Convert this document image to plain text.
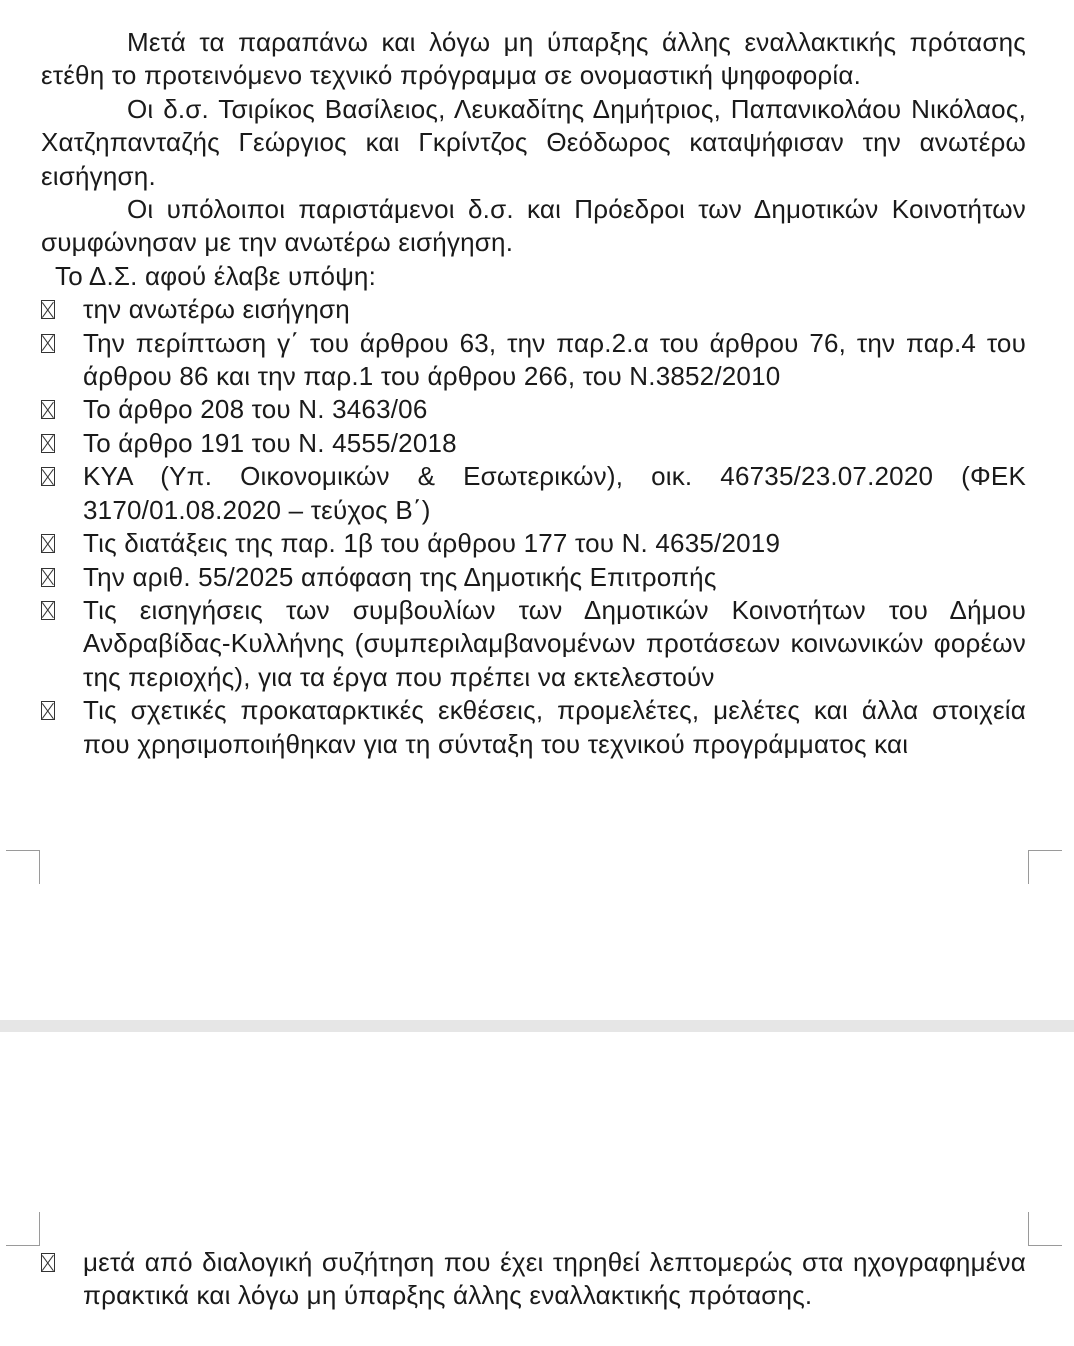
Μετά τα παραπάνω και λόγω μη ύπαρξης άλλης εναλλακτικής πρότασης ετέθη το προτεινόμενο τεχνικό πρόγραμμα σε ονομαστική ψηφοφορία.

Οι δ.σ. Τσιρίκος Βασίλειος, Λευκαδίτης Δημήτριος, Παπανικολάου Νικόλαος, Χατζηπανταζής Γεώργιος και Γκρίντζος Θεόδωρος καταψήφισαν την ανωτέρω εισήγηση.

Οι υπόλοιποι παριστάμενοι δ.σ. και Πρόεδροι των Δημοτικών Κοινοτήτων συμφώνησαν με την ανωτέρω εισήγηση.

Το Δ.Σ. αφού έλαβε υπόψη:

την ανωτέρω εισήγηση
Την περίπτωση γ΄ του άρθρου 63, την παρ.2.α του άρθρου 76, την παρ.4 του άρθρου 86 και την παρ.1 του άρθρου 266, του Ν.3852/2010
Το άρθρο 208 του Ν. 3463/06
Το άρθρο 191 του Ν. 4555/2018
ΚΥΑ (Υπ. Οικονομικών & Εσωτερικών), οικ. 46735/23.07.2020 (ΦΕΚ 3170/01.08.2020 – τεύχος Β΄)
Τις διατάξεις της παρ. 1β του άρθρου 177 του Ν. 4635/2019
Την αριθ. 55/2025 απόφαση της Δημοτικής Επιτροπής
Τις εισηγήσεις των συμβουλίων των Δημοτικών Κοινοτήτων του Δήμου Ανδραβίδας-Κυλλήνης (συμπεριλαμβανομένων προτάσεων κοινωνικών φορέων της περιοχής), για τα έργα που πρέπει να εκτελεστούν
Τις σχετικές προκαταρκτικές εκθέσεις, προμελέτες, μελέτες και άλλα στοιχεία που χρησιμοποιήθηκαν για τη σύνταξη του τεχνικού προγράμματος και
μετά από διαλογική συζήτηση που έχει τηρηθεί λεπτομερώς στα ηχογραφημένα πρακτικά και λόγω μη ύπαρξης άλλης εναλλακτικής πρότασης.
